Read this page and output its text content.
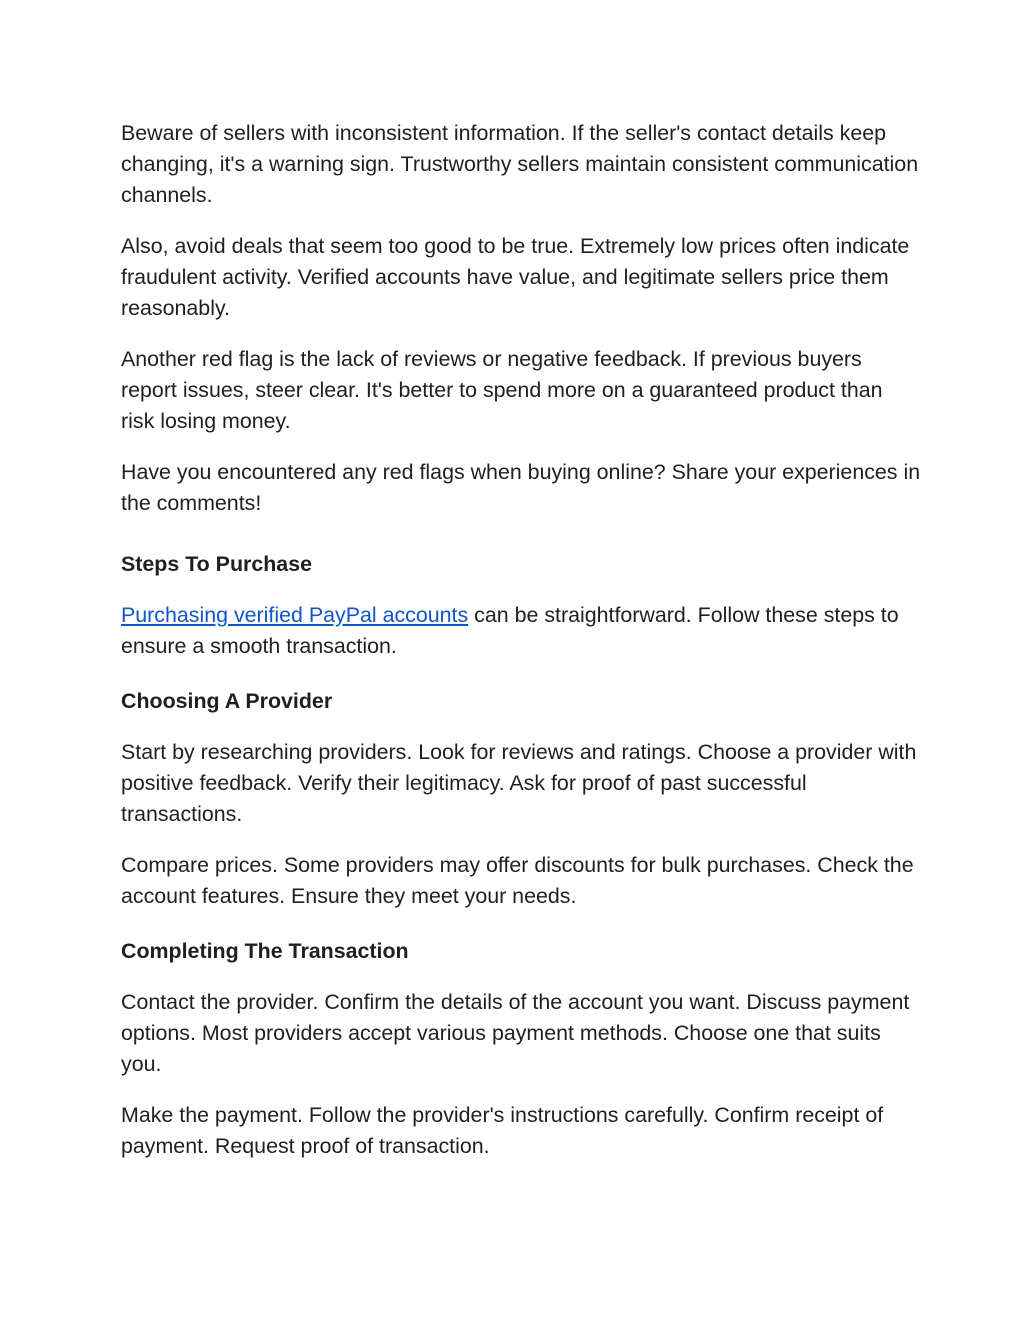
Beware of sellers with inconsistent information. If the seller's contact details keep changing, it's a warning sign. Trustworthy sellers maintain consistent communication channels.

Also, avoid deals that seem too good to be true. Extremely low prices often indicate fraudulent activity. Verified accounts have value, and legitimate sellers price them reasonably.

Another red flag is the lack of reviews or negative feedback. If previous buyers report issues, steer clear. It's better to spend more on a guaranteed product than risk losing money.

Have you encountered any red flags when buying online? Share your experiences in the comments!

Steps To Purchase

Purchasing verified PayPal accounts can be straightforward. Follow these steps to ensure a smooth transaction.

Choosing A Provider

Start by researching providers. Look for reviews and ratings. Choose a provider with positive feedback. Verify their legitimacy. Ask for proof of past successful transactions.

Compare prices. Some providers may offer discounts for bulk purchases. Check the account features. Ensure they meet your needs.

Completing The Transaction

Contact the provider. Confirm the details of the account you want. Discuss payment options. Most providers accept various payment methods. Choose one that suits you.

Make the payment. Follow the provider's instructions carefully. Confirm receipt of payment. Request proof of transaction.
